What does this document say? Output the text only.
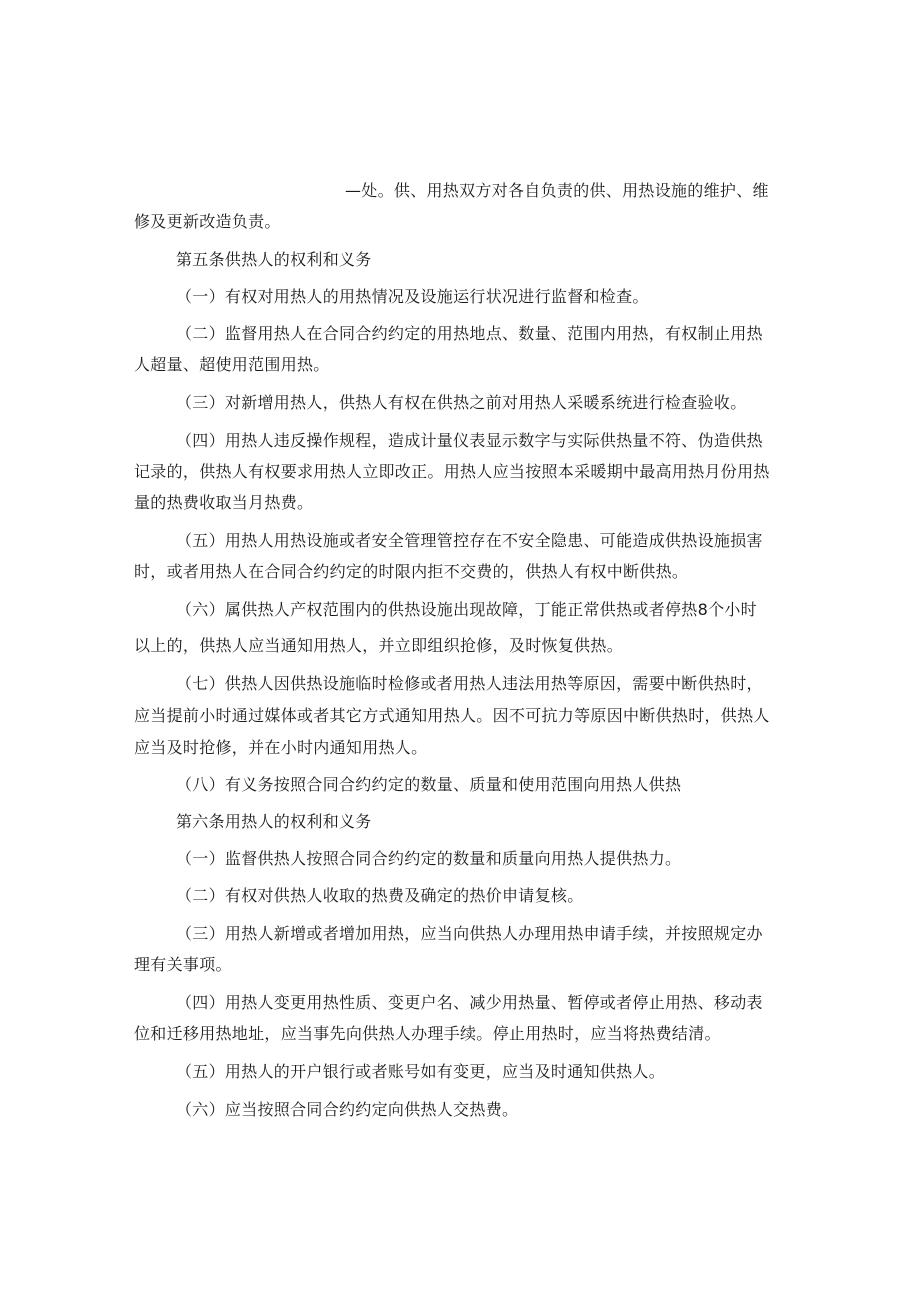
—处。供、用热双方对各自负责的供、用热设施的维护、维

修及更新改造负责。

第五条供热人的权利和义务

（一）有权对用热人的用热情况及设施运行状况进行监督和检查。

（二）监督用热人在合同合约约定的用热地点、数量、范围内用热，有权制止用热

人超量、超使用范围用热。

（三）对新增用热人，供热人有权在供热之前对用热人采暖系统进行检查验收。

（四）用热人违反操作规程，造成计量仪表显示数字与实际供热量不符、伪造供热

记录的，供热人有权要求用热人立即改正。用热人应当按照本采暖期中最高用热月份用热

量的热费收取当月热费。

（五）用热人用热设施或者安全管理管控存在不安全隐患、可能造成供热设施损害

时，或者用热人在合同合约约定的时限内拒不交费的，供热人有权中断供热。

（六）属供热人产权范围内的供热设施出现故障，丁能正常供热或者停热8个小时

以上的，供热人应当通知用热人，并立即组织抢修，及时恢复供热。

（七）供热人因供热设施临时检修或者用热人违法用热等原因，需要中断供热时，

应当提前小时通过媒体或者其它方式通知用热人。因不可抗力等原因中断供热时，供热人

应当及时抢修，并在小时内通知用热人。

（八）有义务按照合同合约约定的数量、质量和使用范围向用热人供热

第六条用热人的权利和义务

（一）监督供热人按照合同合约约定的数量和质量向用热人提供热力。

（二）有权对供热人收取的热费及确定的热价申请复核。

（三）用热人新增或者增加用热，应当向供热人办理用热申请手续，并按照规定办

理有关事项。

（四）用热人变更用热性质、变更户名、减少用热量、暂停或者停止用热、移动表

位和迁移用热地址，应当事先向供热人办理手续。停止用热时，应当将热费结清。

（五）用热人的开户银行或者账号如有变更，应当及时通知供热人。

（六）应当按照合同合约约定向供热人交热费。
